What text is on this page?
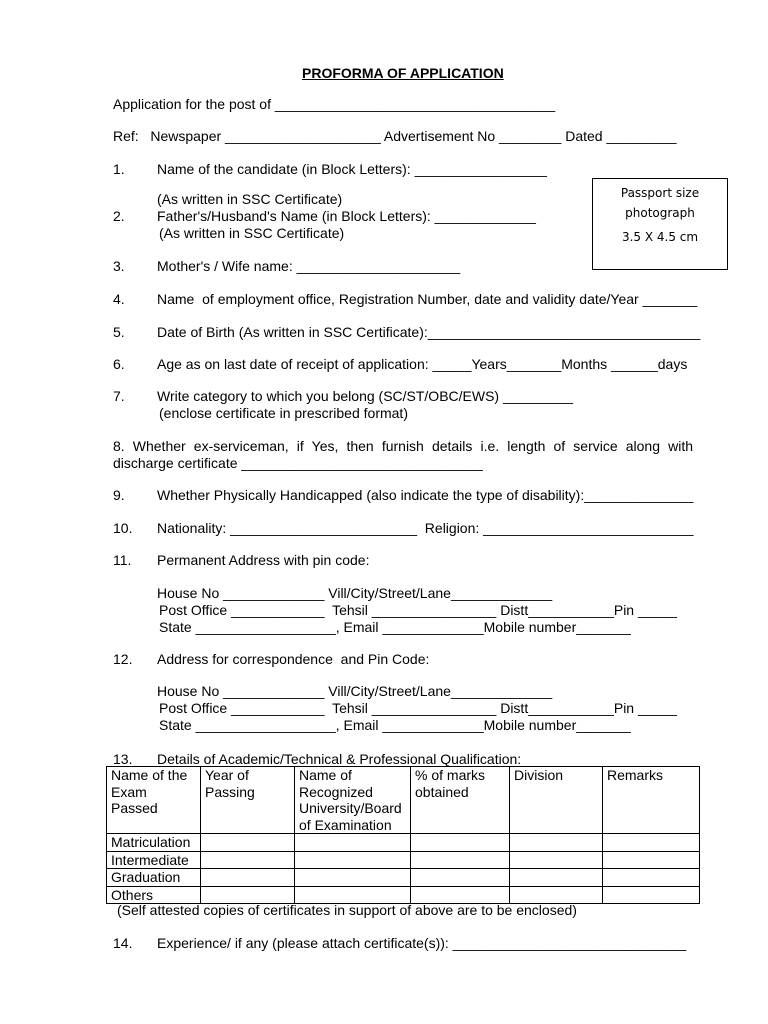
PROFORMA OF APPLICATION
Application for the post of ____________________________________
Ref:   Newspaper ____________________ Advertisement No ________ Dated _________
1. Name of the candidate (in Block Letters): _________________
(As written in SSC Certificate)	Passport size
photograph
3.5 X 4.5 cm
2. Father's/Husband's Name (in Block Letters): _____________
(As written in SSC Certificate)
3. Mother's / Wife name: _____________________
4. Name  of employment office, Registration Number, date and validity date/Year _______
5. Date of Birth (As written in SSC Certificate):___________________________________
6. Age as on last date of receipt of application: _____Years_______Months ______days
7. Write category to which you belong (SC/ST/OBC/EWS) _________
(enclose certificate in prescribed format)
8. Whether ex-serviceman, if Yes, then furnish details i.e. length of service along with
discharge certificate _______________________________
9. Whether Physically Handicapped (also indicate the type of disability):______________
10. Nationality: ________________________  Religion: ___________________________
11. Permanent Address with pin code:
House No _____________ Vill/City/Street/Lane_____________
Post Office ____________  Tehsil ________________ Distt___________Pin _____
State __________________, Email _____________Mobile number_______
12. Address for correspondence  and Pin Code:
House No _____________ Vill/City/Street/Lane_____________
Post Office ____________  Tehsil ________________ Distt___________Pin _____
State __________________, Email _____________Mobile number_______
13. Details of Academic/Technical & Professional Qualification:
Name of the Exam Passed	Year of Passing	Name of Recognized University/Board of Examination	% of marks obtained	Division	Remarks
Matriculation					
Intermediate					
Graduation					
Others					
(Self attested copies of certificates in support of above are to be enclosed)
14. Experience/ if any (please attach certificate(s)): ______________________________
